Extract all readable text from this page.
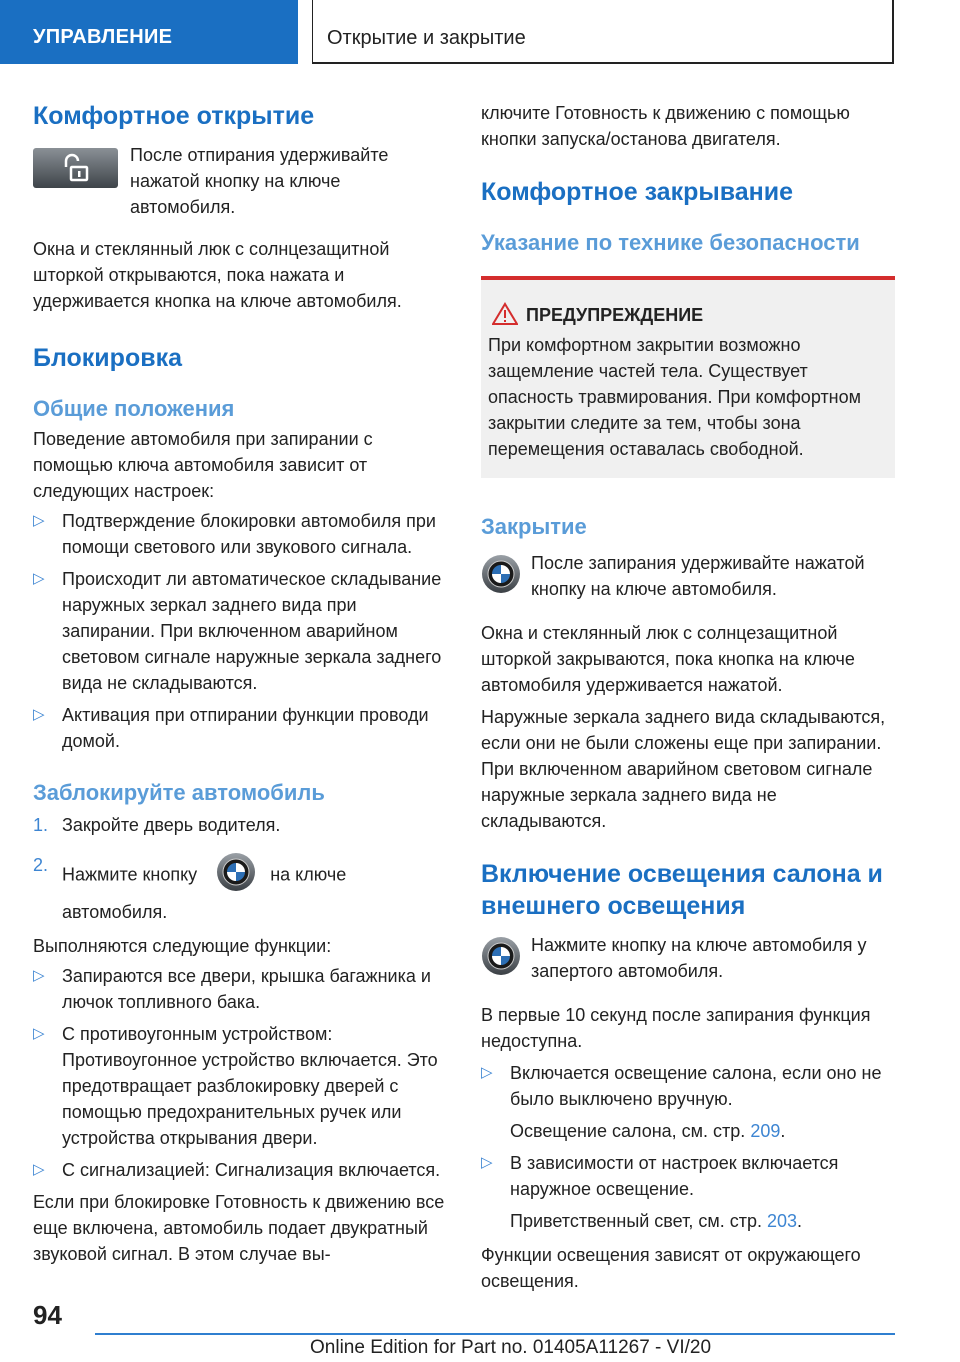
УПРАВЛЕНИЕ	Открытие и закрытие
Комфортное открытие

После отпирания удерживайте нажатой кнопку на ключе автомобиля.

Окна и стеклянный люк с солнцезащитной шторкой открываются, пока нажата и удерживается кнопка на ключе автомобиля.

Блокировка
Общие положения

Поведение автомобиля при запирании с помощью ключа автомобиля зависит от следующих настроек:

▷ Подтверждение блокировки автомобиля при помощи светового или звукового сигнала.
▷ Происходит ли автоматическое складывание наружных зеркал заднего вида при запирании. При включенном аварийном световом сигнале наружные зеркала заднего вида не складываются.
▷ Активация при отпирании функции проводи домой.
Заблокируйте автомобиль
1. Закройте дверь водителя.
2. Нажмите кнопку	на ключе автомобиля.

Выполняются следующие функции:

▷ Запираются все двери, крышка багажника и лючок топливного бака.
▷ С противоугонным устройством: Противоугонное устройство включается. Это предотвращает разблокировку дверей с помощью предохранительных ручек или устройства открывания двери.
▷ С сигнализацией: Сигнализация включается.

Если при блокировке Готовность к движению все еще включена, автомобиль подает двукратный звуковой сигнал. В этом случае вы-

ключите Готовность к движению с помощью кнопки запуска/останова двигателя.

Комфортное закрывание
Указание по технике безопасности
ПРЕДУПРЕЖДЕНИЕ

При комфортном закрытии возможно защемление частей тела. Существует опасность травмирования. При комфортном закрытии следите за тем, чтобы зона перемещения оставалась свободной.

Закрытие

После запирания удерживайте нажатой кнопку на ключе автомобиля.

Окна и стеклянный люк с солнцезащитной шторкой закрываются, пока кнопка на ключе автомобиля удерживается нажатой.

Наружные зеркала заднего вида складываются, если они не были сложены еще при запирании. При включенном аварийном световом сигнале наружные зеркала заднего вида не складываются.

Включение освещения салона и внешнего освещения

Нажмите кнопку на ключе автомобиля у запертого автомобиля.

В первые 10 секунд после запирания функция недоступна.

▷ Включается освещение салона, если оно не было выключено вручную.
Освещение салона, см. стр. 209.
▷ В зависимости от настроек включается наружное освещение.
Приветственный свет, см. стр. 203.

Функции освещения зависят от окружающего освещения.

94
Online Edition for Part no. 01405A11267 - VI/20
